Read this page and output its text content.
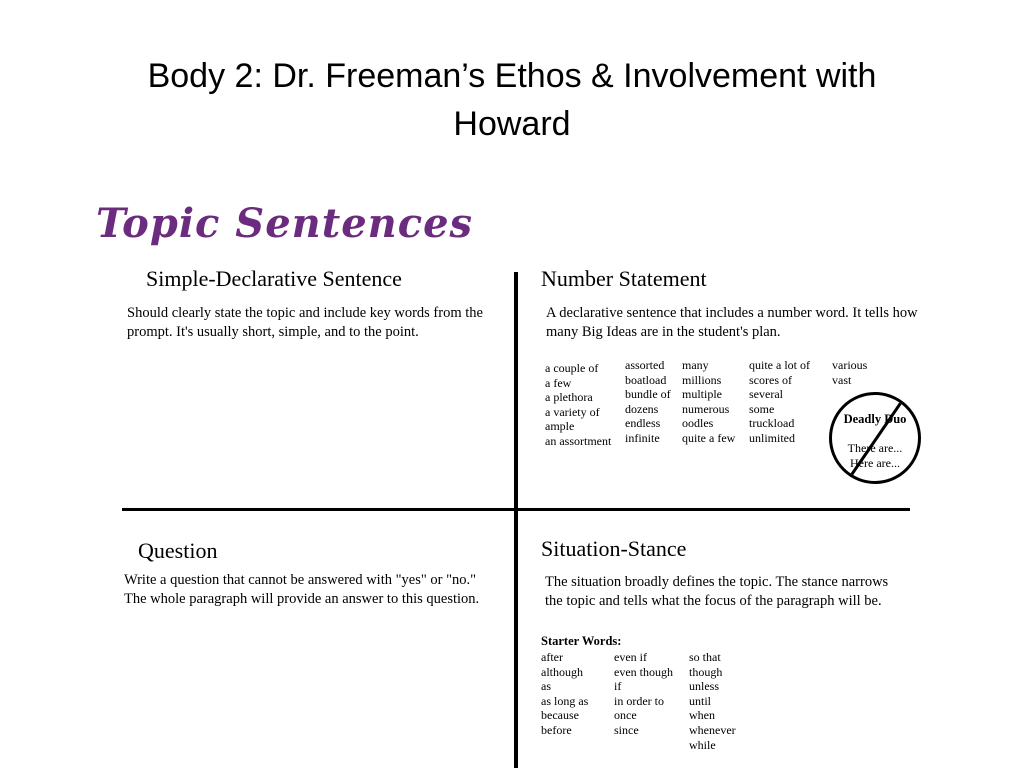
Body 2: Dr. Freeman’s Ethos & Involvement with
Howard
Topic Sentences
Simple-Declarative Sentence

Should clearly state the topic and include key words from the prompt. It's usually short, simple, and to the point.

Number Statement

A declarative sentence that includes a number word. It tells how many Big Ideas are in the student's plan.

a couple of
a few
a plethora
a variety of
ample
an assortment
assorted
boatload
bundle of
dozens
endless
infinite
many
millions
multiple
numerous
oodles
quite a few
quite a lot of
scores of
several
some
truckload
unlimited
various
vast
Deadly Duo
There are...
Here are...
Question

Write a question that cannot be answered with "yes" or "no." The whole paragraph will provide an answer to this question.

Situation-Stance

The situation broadly defines the topic. The stance narrows the topic and tells what the focus of the paragraph will be.

Starter Words:

after
although
as
as long as
because
before
even if
even though
if
in order to
once
since
so that
though
unless
until
when
whenever
while
